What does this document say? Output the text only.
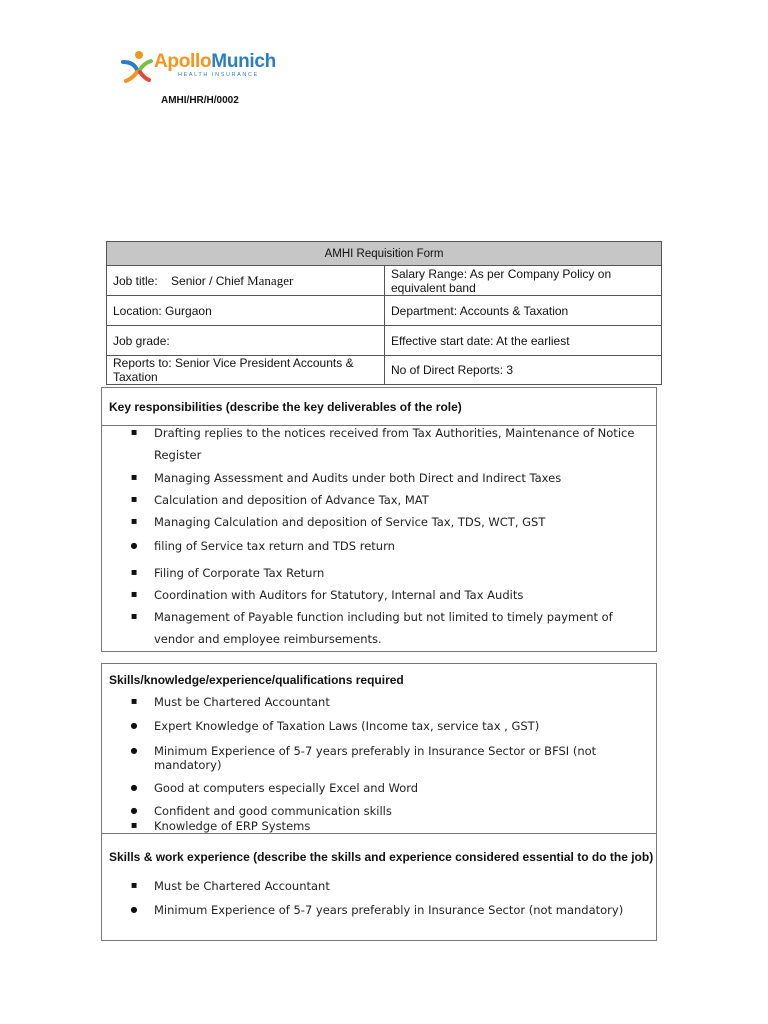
ApolloMunich
HEALTH INSURANCE
AMHI/HR/H/0002
AMHI Requisition Form	
Job title: Senior / Chief Manager	Salary Range: As per Company Policy on equivalent band
Location: Gurgaon	Department: Accounts & Taxation
Job grade:	Effective start date: At the earliest
Reports to: Senior Vice President Accounts & Taxation	No of Direct Reports: 3
Key responsibilities (describe the key deliverables of the role)
▪
Drafting replies to the notices received from Tax Authorities, Maintenance of Notice Register
▪
Managing Assessment and Audits under both Direct and Indirect Taxes
▪
Calculation and deposition of Advance Tax, MAT
▪
Managing Calculation and deposition of Service Tax, TDS, WCT, GST
●
filing of Service tax return and TDS return
▪
Filing of Corporate Tax Return
▪
Coordination with Auditors for Statutory, Internal and Tax Audits
▪
Management of Payable function including but not limited to timely payment of vendor and employee reimbursements.
Skills/knowledge/experience/qualifications required
▪
Must be Chartered Accountant
●
Expert Knowledge of Taxation Laws (Income tax, service tax , GST)
●
Minimum Experience of 5-7 years preferably in Insurance Sector or BFSI (not mandatory)
●
Good at computers especially Excel and Word
●
Confident and good communication skills
▪
Knowledge of ERP Systems
Skills & work experience (describe the skills and experience considered essential to do the job)
▪
Must be Chartered Accountant
●
Minimum Experience of 5-7 years preferably in Insurance Sector (not mandatory)
